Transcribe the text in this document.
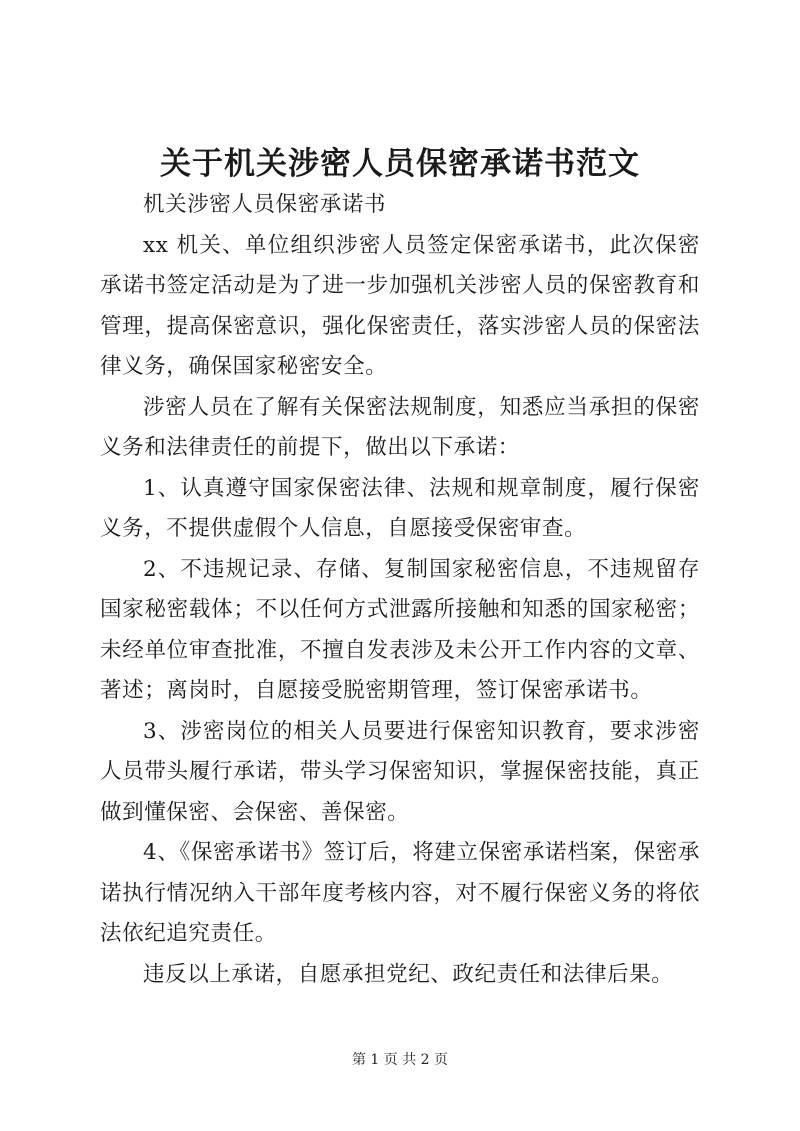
关于机关涉密人员保密承诺书范文

机关涉密人员保密承诺书

xx 机关、单位组织涉密人员签定保密承诺书，此次保密承诺书签定活动是为了进一步加强机关涉密人员的保密教育和管理，提高保密意识，强化保密责任，落实涉密人员的保密法律义务，确保国家秘密安全。

涉密人员在了解有关保密法规制度，知悉应当承担的保密义务和法律责任的前提下，做出以下承诺：

1、认真遵守国家保密法律、法规和规章制度，履行保密义务，不提供虚假个人信息，自愿接受保密审查。

2、不违规记录、存储、复制国家秘密信息，不违规留存国家秘密载体；不以任何方式泄露所接触和知悉的国家秘密；未经单位审查批准，不擅自发表涉及未公开工作内容的文章、著述；离岗时，自愿接受脱密期管理，签订保密承诺书。

3、涉密岗位的相关人员要进行保密知识教育，要求涉密人员带头履行承诺，带头学习保密知识，掌握保密技能，真正做到懂保密、会保密、善保密。

4、《保密承诺书》签订后，将建立保密承诺档案，保密承诺执行情况纳入干部年度考核内容，对不履行保密义务的将依法依纪追究责任。

违反以上承诺，自愿承担党纪、政纪责任和法律后果。

第 1 页 共 2 页
